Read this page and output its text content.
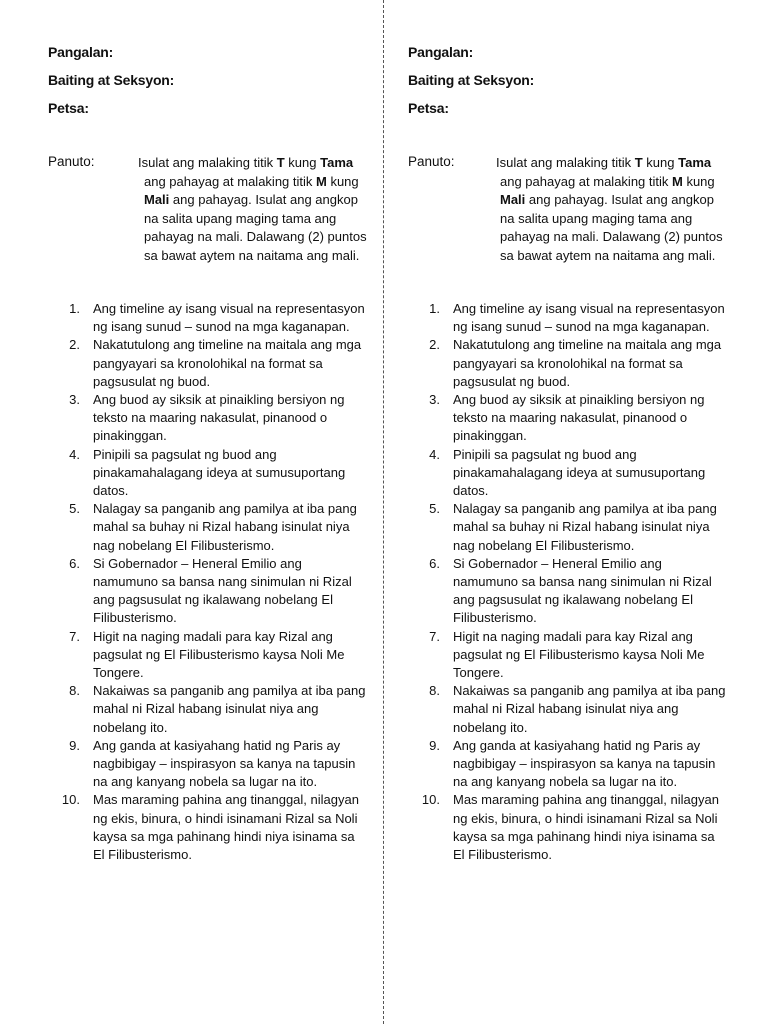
Pangalan:
Baiting at Seksyon:
Petsa:
Panuto:	Isulat ang malaking titik T kung Tama
ang pahayag at malaking titik M kung
Mali ang pahayag. Isulat ang angkop
na salita upang maging tama ang
pahayag na mali. Dalawang (2) puntos
sa bawat aytem na naitama ang mali.
1. Ang timeline ay isang visual na representasyon
ng isang sunud – sunod na mga kaganapan.
2. Nakatutulong ang timeline na maitala ang mga
pangyayari sa kronolohikal na format sa
pagsusulat ng buod.
3. Ang buod ay siksik at pinaikling bersiyon ng
teksto na maaring nakasulat, pinanood o
pinakinggan.
4. Pinipili sa pagsulat ng buod ang
pinakamahalagang ideya at sumusuportang
datos.
5. Nalagay sa panganib ang pamilya at iba pang
mahal sa buhay ni Rizal habang isinulat niya
nag nobelang El Filibusterismo.
6. Si Gobernador – Heneral Emilio ang
namumuno sa bansa nang sinimulan ni Rizal
ang pagsusulat ng ikalawang nobelang El
Filibusterismo.
7. Higit na naging madali para kay Rizal ang
pagsulat ng El Filibusterismo kaysa Noli Me
Tongere.
8. Nakaiwas sa panganib ang pamilya at iba pang
mahal ni Rizal habang isinulat niya ang
nobelang ito.
9. Ang ganda at kasiyahang hatid ng Paris ay
nagbibigay – inspirasyon sa kanya na tapusin
na ang kanyang nobela sa lugar na ito.
10. Mas maraming pahina ang tinanggal, nilagyan
ng ekis, binura, o hindi isinamani Rizal sa Noli
kaysa sa mga pahinang hindi niya isinama sa
El Filibusterismo.
Pangalan:
Baiting at Seksyon:
Petsa:
Panuto:	Isulat ang malaking titik T kung Tama
ang pahayag at malaking titik M kung
Mali ang pahayag. Isulat ang angkop
na salita upang maging tama ang
pahayag na mali. Dalawang (2) puntos
sa bawat aytem na naitama ang mali.
1. Ang timeline ay isang visual na representasyon
ng isang sunud – sunod na mga kaganapan.
2. Nakatutulong ang timeline na maitala ang mga
pangyayari sa kronolohikal na format sa
pagsusulat ng buod.
3. Ang buod ay siksik at pinaikling bersiyon ng
teksto na maaring nakasulat, pinanood o
pinakinggan.
4. Pinipili sa pagsulat ng buod ang
pinakamahalagang ideya at sumusuportang
datos.
5. Nalagay sa panganib ang pamilya at iba pang
mahal sa buhay ni Rizal habang isinulat niya
nag nobelang El Filibusterismo.
6. Si Gobernador – Heneral Emilio ang
namumuno sa bansa nang sinimulan ni Rizal
ang pagsusulat ng ikalawang nobelang El
Filibusterismo.
7. Higit na naging madali para kay Rizal ang
pagsulat ng El Filibusterismo kaysa Noli Me
Tongere.
8. Nakaiwas sa panganib ang pamilya at iba pang
mahal ni Rizal habang isinulat niya ang
nobelang ito.
9. Ang ganda at kasiyahang hatid ng Paris ay
nagbibigay – inspirasyon sa kanya na tapusin
na ang kanyang nobela sa lugar na ito.
10. Mas maraming pahina ang tinanggal, nilagyan
ng ekis, binura, o hindi isinamani Rizal sa Noli
kaysa sa mga pahinang hindi niya isinama sa
El Filibusterismo.
